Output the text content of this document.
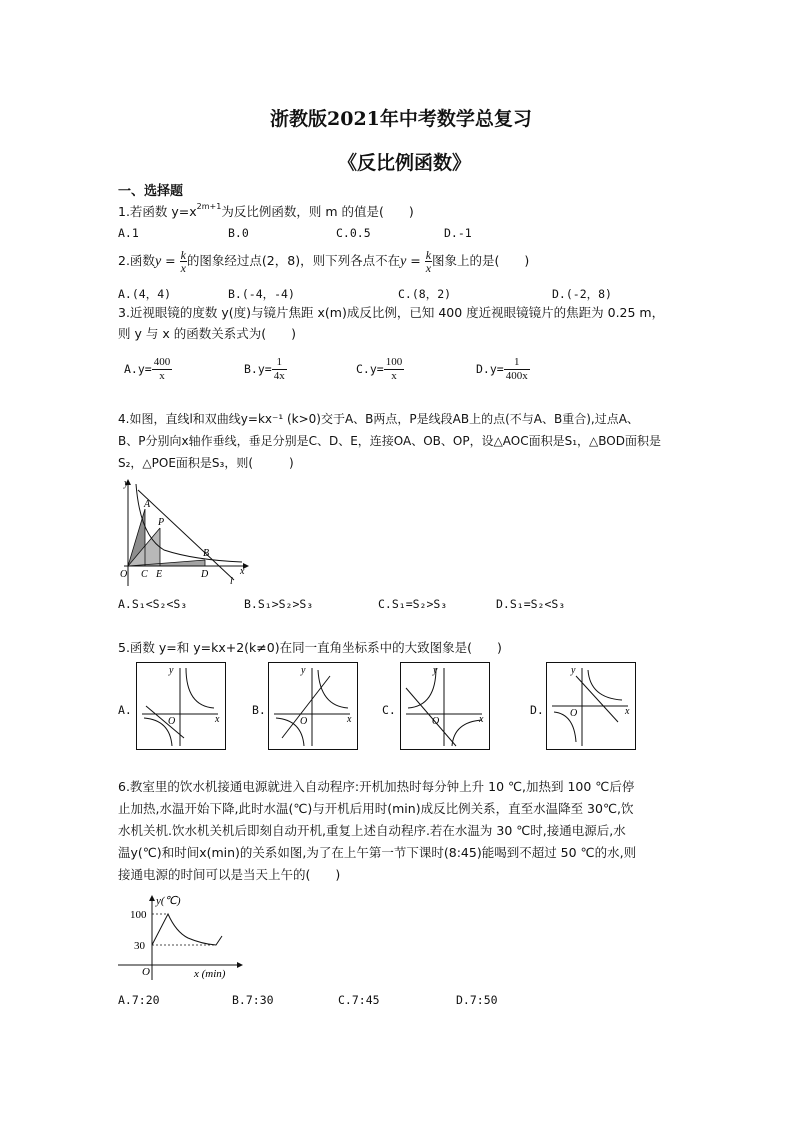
浙教版2021年中考数学总复习
《反比例函数》
一、选择题
1.若函数 $y=x^{2m+1}$为反比例函数，则 m 的值是(　　)
A.1	B.0	C.0.5	D.-1
2.函数$y = \frac{k}{x}$ 的图象经过点(2，8)，则下列各点不在$y = \frac{k}{x}$ 图象上的是(　　)
A.(4，4)	B.(-4，-4)	C.(8，2)	D.(-2，8)
3.近视眼镜的度数 y(度)与镜片焦距 x(m)成反比例，已知 400 度近视眼镜镜片的焦距为 0.25 m，
则 y 与 x 的函数关系式为(　　)
$A.y= \frac{400}{x}$	$B.y= \frac{1}{4x}$	$C.y= \frac{100}{x}$	$D.y= \frac{1}{400x}$
4.如图，直线l和双曲线y=kx⁻¹ (k>0)交于A、B两点，P是线段AB上的点(不与A、B重合),过点A、
B、P分别向x轴作垂线，垂足分别是C、D、E，连接OA、OB、OP，设△AOC面积是S₁，△BOD面积是
S₂，△POE面积是S₃，则(　　　)
y
x
A
P
B
O C E	D
l
A.S₁<S₂<S₃	B.S₁>S₂>S₃	C.S₁=S₂>S₃	D.S₁=S₂<S₃
5.函数 y=和 y=kx+2(k≠0)在同一直角坐标系中的大致图象是(　　)
A.
y
x
O
B.
y
x
O
C.
y
x
O
D.
y
x
O
6.教室里的饮水机接通电源就进入自动程序:开机加热时每分钟上升 10 ℃,加热到 100 ℃后停
止加热,水温开始下降,此时水温(℃)与开机后用时(min)成反比例关系，直至水温降至 30℃,饮
水机关机.饮水机关机后即刻自动开机,重复上述自动程序.若在水温为 30 ℃时,接通电源后,水
温y(℃)和时间x(min)的关系如图,为了在上午第一节下课时(8:45)能喝到不超过 50 ℃的水,则
接通电源的时间可以是当天上午的(　　)
100
30
O
y(℃)
x (min)
A.7:20	B.7:30	C.7:45	D.7:50
